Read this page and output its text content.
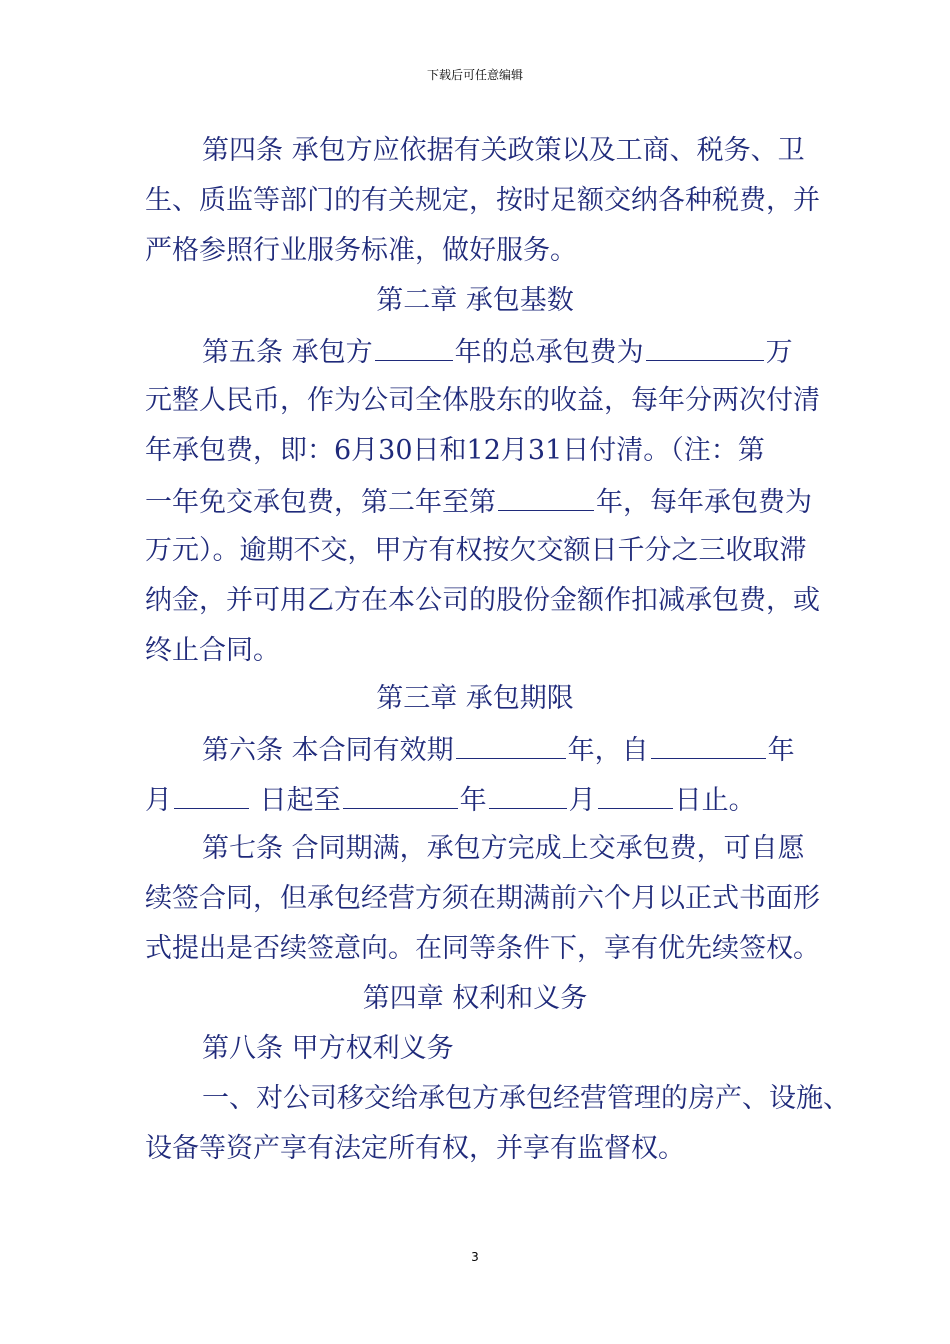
下载后可任意编辑
第四条 承包方应依据有关政策以及工商、税务、卫
生、质监等部门的有关规定，按时足额交纳各种税费，并
严格参照行业服务标准，做好服务。
第二章 承包基数
第五条 承包方	年的总承包费为	万
元整人民币，作为公司全体股东的收益，每年分两次付清
年承包费，即：6月30日和12月31日付清。（注：第
一年免交承包费，第二年至第	年，每年承包费为
万元）。逾期不交，甲方有权按欠交额日千分之三收取滞
纳金，并可用乙方在本公司的股份金额作扣减承包费，或
终止合同。
第三章 承包期限
第六条 本合同有效期	年，自	年
月	日起至	年	月	日止。
第七条 合同期满，承包方完成上交承包费，可自愿
续签合同，但承包经营方须在期满前六个月以正式书面形
式提出是否续签意向。在同等条件下，享有优先续签权。
第四章 权利和义务
第八条 甲方权利义务
一、对公司移交给承包方承包经营管理的房产、设施、
设备等资产享有法定所有权，并享有监督权。
3
